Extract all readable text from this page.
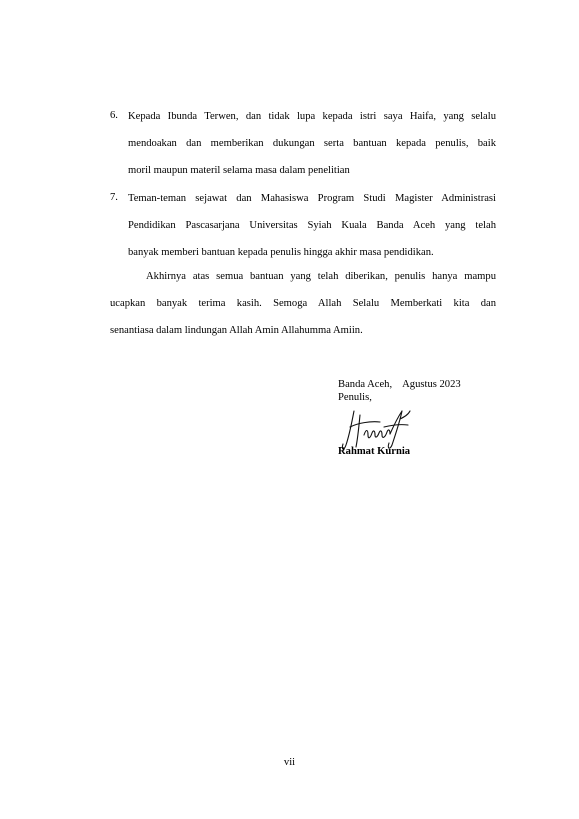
6. Kepada Ibunda Terwen, dan tidak lupa kepada istri saya Haifa, yang selalu
mendoakan dan memberikan dukungan serta bantuan kepada penulis, baik
moril maupun materil selama masa dalam penelitian
7. Teman-teman sejawat dan Mahasiswa Program Studi Magister Administrasi
Pendidikan Pascasarjana Universitas Syiah Kuala Banda Aceh yang telah
banyak memberi bantuan kepada penulis hingga akhir masa pendidikan.
Akhirnya atas semua bantuan yang telah diberikan, penulis hanya mampu
ucapkan banyak terima kasih. Semoga Allah Selalu Memberkati kita dan
senantiasa dalam lindungan Allah Amin Allahumma Amiin.
Banda Aceh,    Agustus 2023
Penulis,
Rahmat Kurnia
vii
